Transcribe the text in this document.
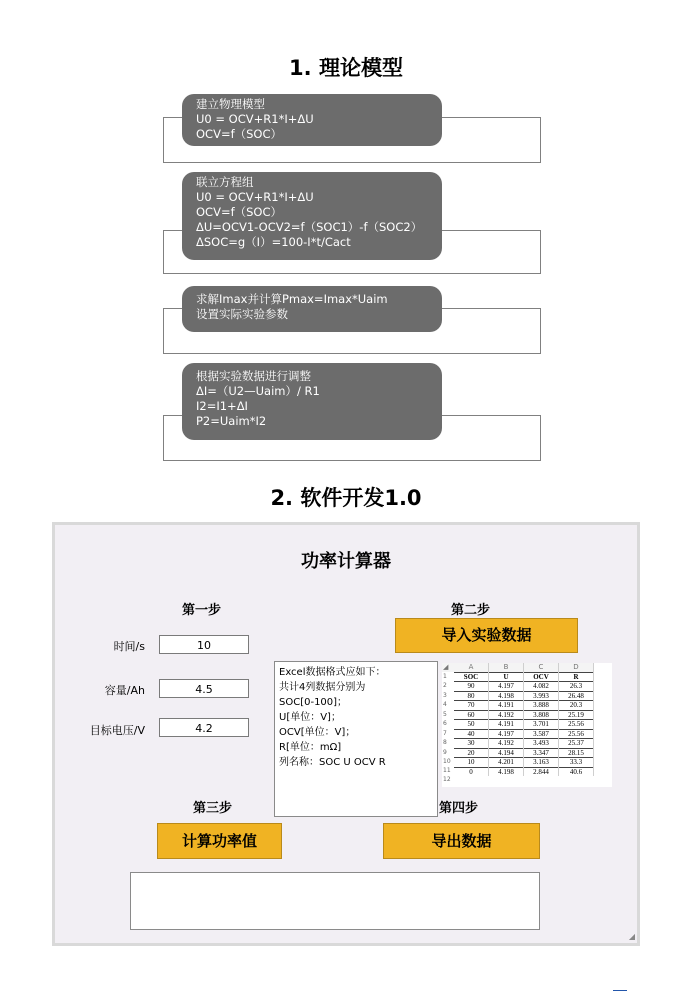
1. 理论模型
建立物理模型
U0 = OCV+R1*I+ΔU
OCV=f（SOC）
联立方程组
U0 = OCV+R1*I+ΔU
OCV=f（SOC）
ΔU=OCV1-OCV2=f（SOC1）-f（SOC2）
ΔSOC=g（I）=100-I*t/Cact
求解Imax并计算Pmax=Imax*Uaim
设置实际实验参数
根据实验数据进行调整
ΔI=（U2—Uaim）/ R1
I2=I1+ΔI
P2=Uaim*I2
2. 软件开发1.0
功率计算器
第一步	第二步
时间/s	10
容量/Ah	4.5
目标电压/V	4.2
导入实验数据
Excel数据格式应如下：
共计4列数据分别为
SOC[0-100]；
U[单位：V]；
OCV[单位：V]；
R[单位：mΩ]
列名称：SOC U OCV R
◢	A	B	C	D
1	SOC	U	OCV	R
2	90	4.197	4.082	26.3
3	80	4.198	3.993	26.48
4	70	4.191	3.888	20.3
5	60	4.192	3.808	25.19
6	50	4.191	3.701	25.56
7	40	4.197	3.587	25.56
8	30	4.192	3.493	25.37
9	20	4.194	3.347	28.15
10	10	4.201	3.163	33.3
11	0	4.198	2.844	40.6
12				
第三步	第四步
计算功率值	导出数据
◢
